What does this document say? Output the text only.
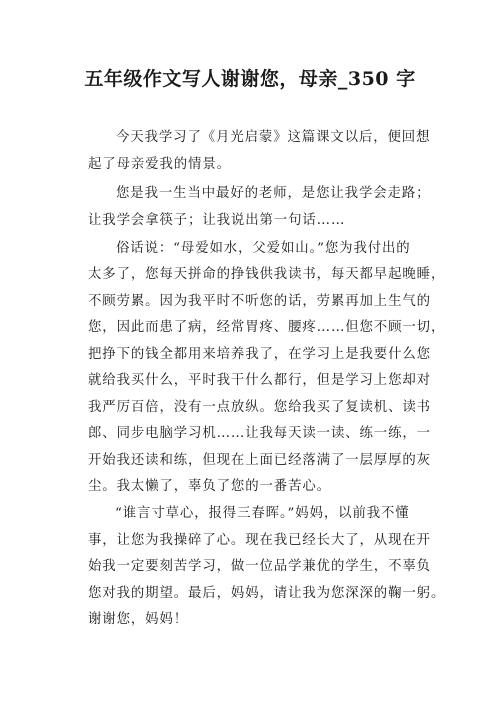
五年级作文写人谢谢您，母亲_350 字
今天我学习了《月光启蒙》这篇课文以后，便回想
起了母亲爱我的情景。
您是我一生当中最好的老师，是您让我学会走路；
让我学会拿筷子；让我说出第一句话……
俗话说：“母爱如水，父爱如山。”您为我付出的
太多了，您每天拼命的挣钱供我读书，每天都早起晚睡，
不顾劳累。因为我平时不听您的话，劳累再加上生气的
您，因此而患了病，经常胃疼、腰疼……但您不顾一切，
把挣下的钱全都用来培养我了，在学习上是我要什么您
就给我买什么，平时我干什么都行，但是学习上您却对
我严厉百倍，没有一点放纵。您给我买了复读机、读书
郎、同步电脑学习机……让我每天读一读、练一练，一
开始我还读和练，但现在上面已经落满了一层厚厚的灰
尘。我太懒了，辜负了您的一番苦心。
“谁言寸草心，报得三春晖。”妈妈，以前我不懂
事，让您为我操碎了心。现在我已经长大了，从现在开
始我一定要刻苦学习，做一位品学兼优的学生，不辜负
您对我的期望。最后，妈妈，请让我为您深深的鞠一躬。
谢谢您，妈妈！
